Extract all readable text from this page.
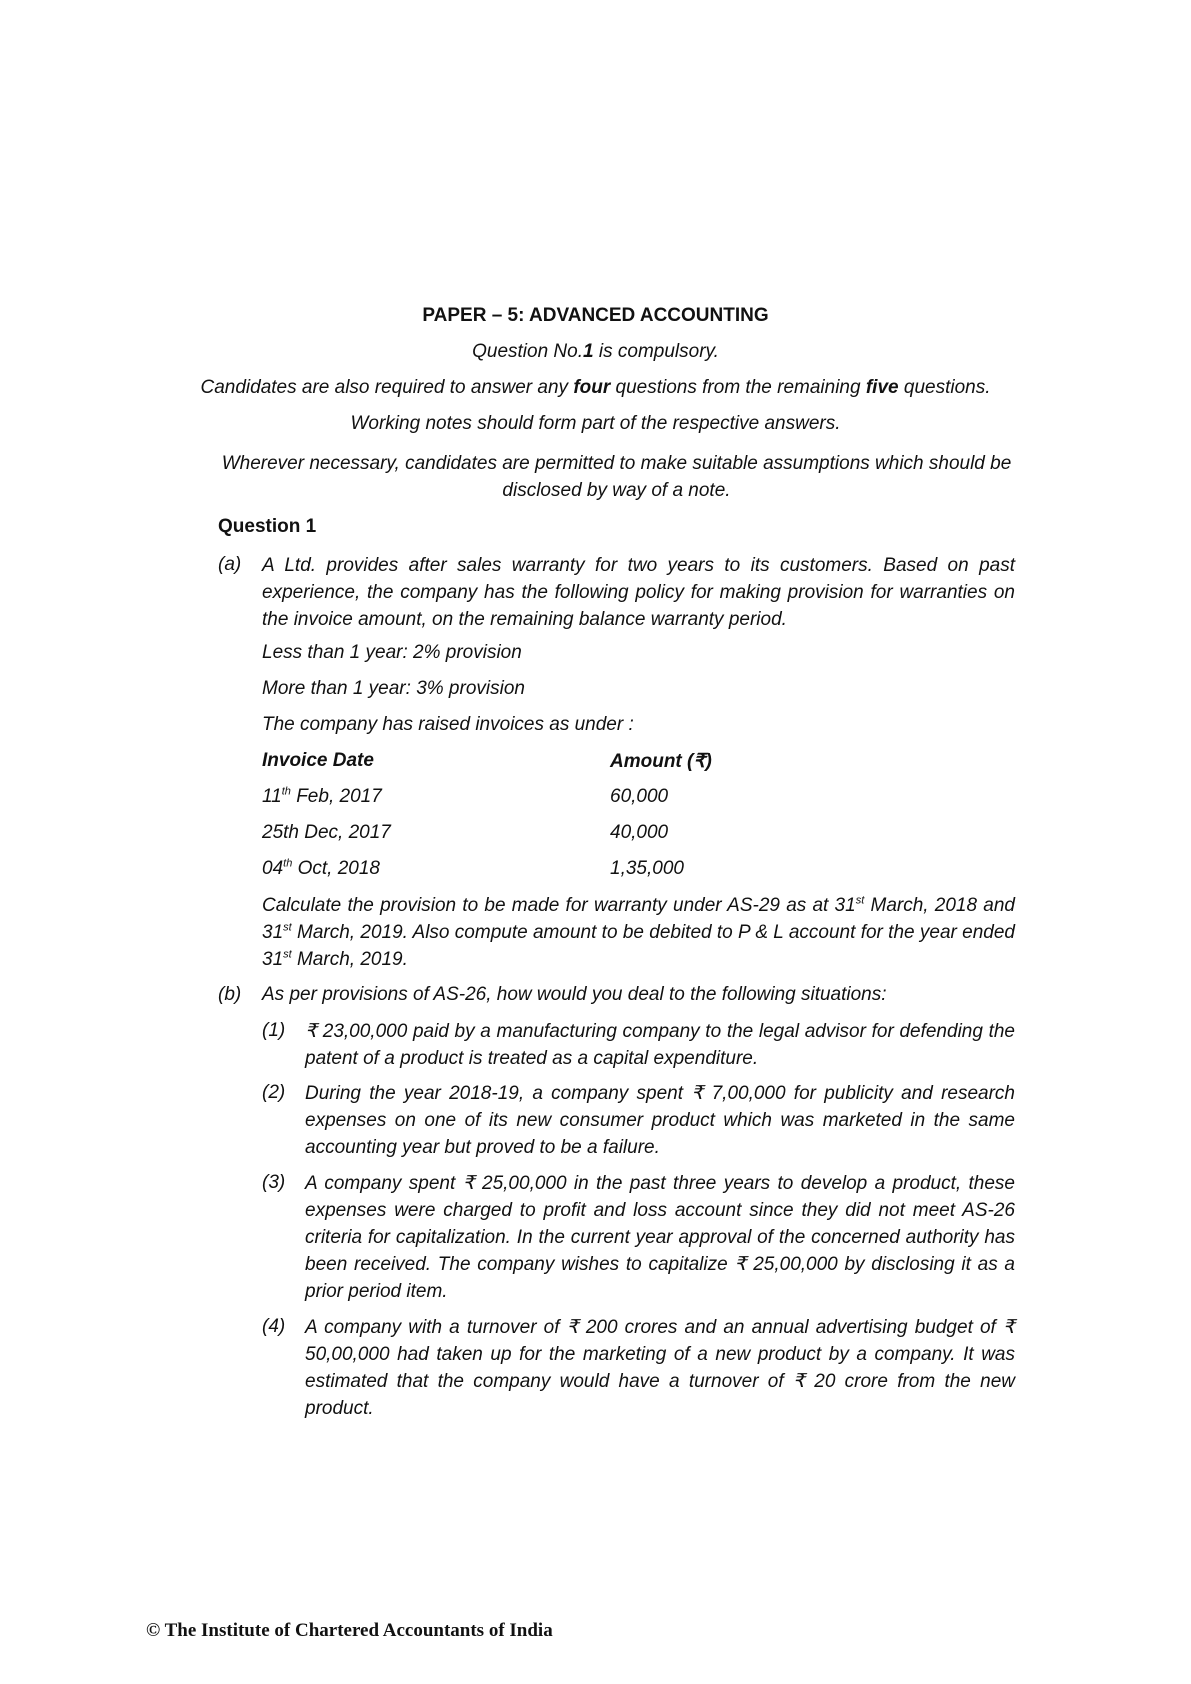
PAPER – 5: ADVANCED ACCOUNTING
Question No.1 is compulsory.
Candidates are also required to answer any four questions from the remaining five questions.
Working notes should form part of the respective answers.
Wherever necessary, candidates are permitted to make suitable assumptions which should be disclosed by way of a note.
Question 1
(a) A Ltd. provides after sales warranty for two years to its customers. Based on past experience, the company has the following policy for making provision for warranties on the invoice amount, on the remaining balance warranty period.
Less than 1 year: 2% provision
More than 1 year: 3% provision
The company has raised invoices as under :
Invoice Date	Amount (₹)
11th Feb, 2017	60,000
25th Dec, 2017	40,000
04th Oct, 2018	1,35,000
Calculate the provision to be made for warranty under AS-29 as at 31st March, 2018 and 31st March, 2019. Also compute amount to be debited to P & L account for the year ended 31st March, 2019.
(b) As per provisions of AS-26, how would you deal to the following situations:
(1) ₹ 23,00,000 paid by a manufacturing company to the legal advisor for defending the patent of a product is treated as a capital expenditure.
(2) During the year 2018-19, a company spent ₹ 7,00,000 for publicity and research expenses on one of its new consumer product which was marketed in the same accounting year but proved to be a failure.
(3) A company spent ₹ 25,00,000 in the past three years to develop a product, these expenses were charged to profit and loss account since they did not meet AS-26 criteria for capitalization. In the current year approval of the concerned authority has been received. The company wishes to capitalize ₹ 25,00,000 by disclosing it as a prior period item.
(4) A company with a turnover of ₹ 200 crores and an annual advertising budget of ₹ 50,00,000 had taken up for the marketing of a new product by a company. It was estimated that the company would have a turnover of ₹ 20 crore from the new product.
© The Institute of Chartered Accountants of India
